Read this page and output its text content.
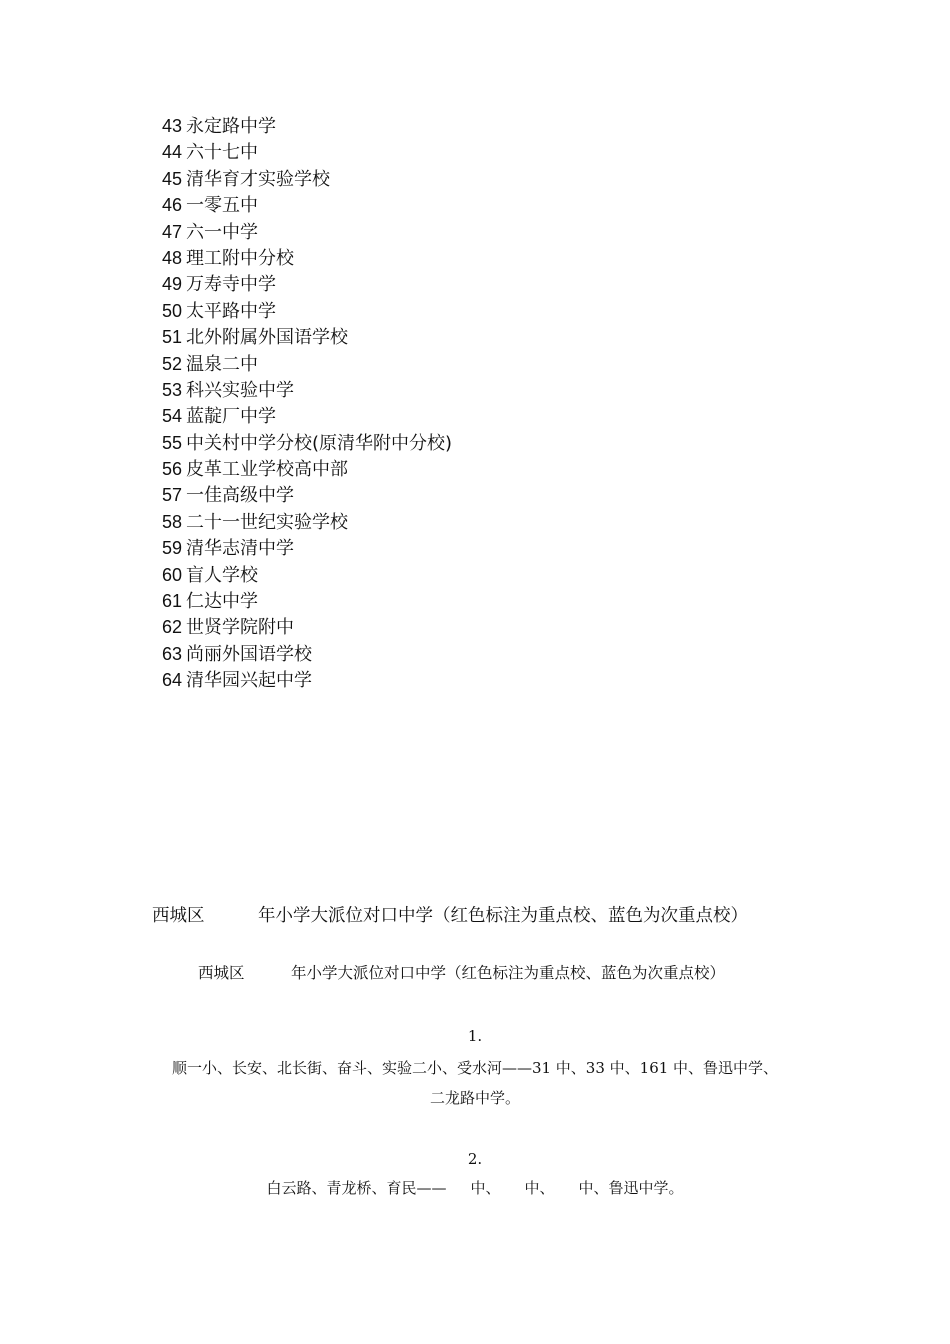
43 永定路中学
44 六十七中
45 清华育才实验学校
46 一零五中
47 六一中学
48 理工附中分校
49 万寿寺中学
50 太平路中学
51 北外附属外国语学校
52 温泉二中
53 科兴实验中学
54 蓝靛厂中学
55 中关村中学分校(原清华附中分校)
56 皮革工业学校高中部
57 一佳高级中学
58 二十一世纪实验学校
59 清华志清中学
60 盲人学校
61 仁达中学
62 世贤学院附中
63 尚丽外国语学校
64 清华园兴起中学
西城区	年小学大派位对口中学（红色标注为重点校、蓝色为次重点校）
西城区	年小学大派位对口中学（红色标注为重点校、蓝色为次重点校）
1.
顺一小、长安、北长街、奋斗、实验二小、受水河——31 中、33 中、161 中、鲁迅中学、
二龙路中学。
2.
白云路、青龙桥、育民—— 中、 中、 中、鲁迅中学。
